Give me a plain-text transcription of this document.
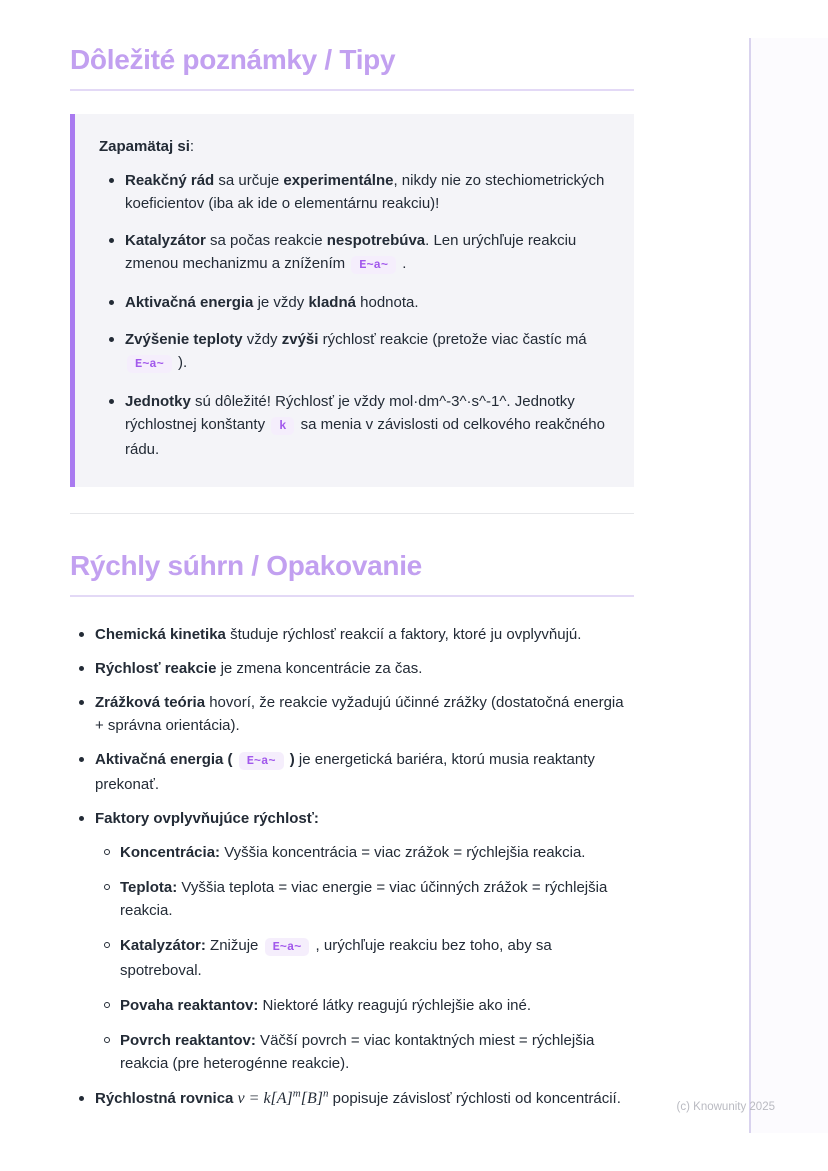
Dôležité poznámky / Tipy
Zapamätaj si:
Reakčný rád sa určuje experimentálne, nikdy nie zo stechiometrických koeficientov (iba ak ide o elementárnu reakciu)!
Katalyzátor sa počas reakcie nespotrebúva. Len urýchľuje reakciu zmenou mechanizmu a znížením E~a~ .
Aktivačná energia je vždy kladná hodnota.
Zvýšenie teploty vždy zvýši rýchlosť reakcie (pretože viac častíc má E~a~ ).
Jednotky sú dôležité! Rýchlosť je vždy mol·dm^-3^·s^-1^. Jednotky rýchlostnej konštanty k sa menia v závislosti od celkového reakčného rádu.
Rýchly súhrn / Opakovanie
Chemická kinetika študuje rýchlosť reakcií a faktory, ktoré ju ovplyvňujú.
Rýchlosť reakcie je zmena koncentrácie za čas.
Zrážková teória hovorí, že reakcie vyžadujú účinné zrážky (dostatočná energia + správna orientácia).
Aktivačná energia ( E~a~ ) je energetická bariéra, ktorú musia reaktanty prekonať.
Faktory ovplyvňujúce rýchlosť:
Koncentrácia: Vyššia koncentrácia = viac zrážok = rýchlejšia reakcia.
Teplota: Vyššia teplota = viac energie = viac účinných zrážok = rýchlejšia reakcia.
Katalyzátor: Znižuje E~a~ , urýchľuje reakciu bez toho, aby sa spotreboval.
Povaha reaktantov: Niektoré látky reagujú rýchlejšie ako iné.
Povrch reaktantov: Väčší povrch = viac kontaktných miest = rýchlejšia reakcia (pre heterogénne reakcie).
Rýchlostná rovnica $v = k[A]^m[B]^n$ popisuje závislosť rýchlosti od koncentrácií.	(c) Knowunity 2025
